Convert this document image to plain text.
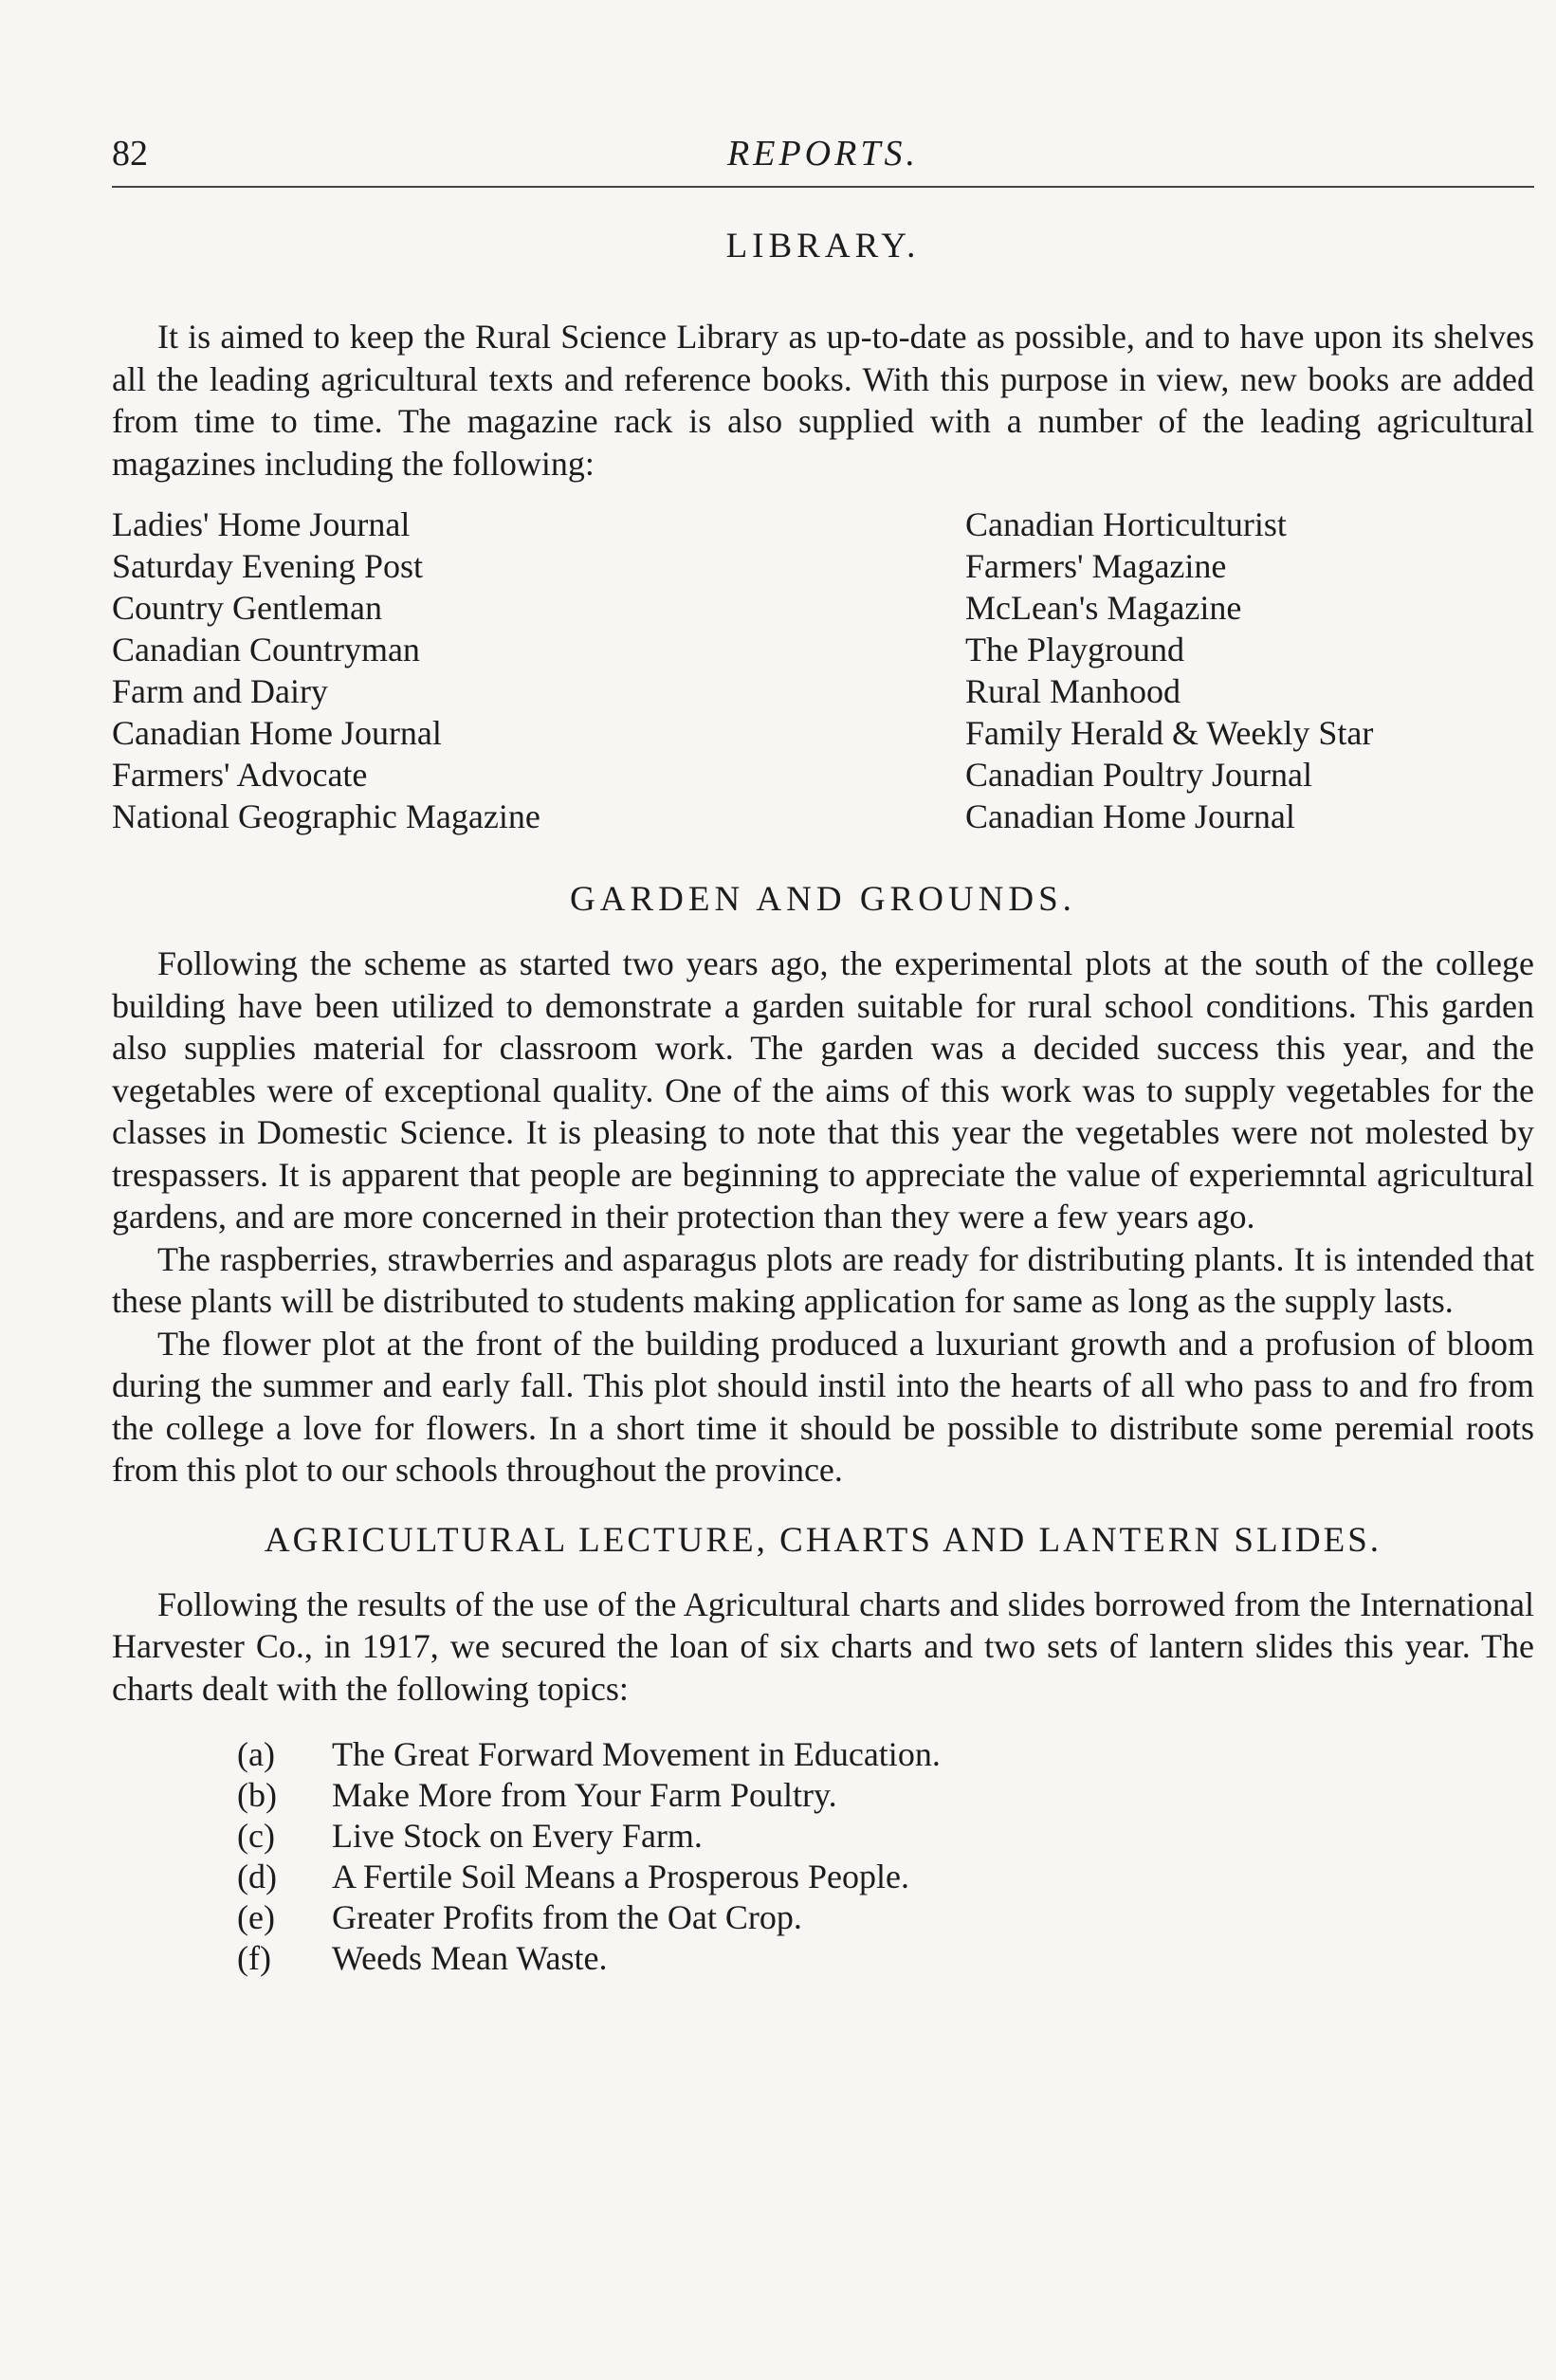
82	REPORTS.
LIBRARY.

It is aimed to keep the Rural Science Library as up-to-date as possible, and to have upon its shelves all the leading agricultural texts and reference books. With this purpose in view, new books are added from time to time. The magazine rack is also supplied with a number of the leading agricultural magazines including the following:

Ladies' Home Journal
Saturday Evening Post
Country Gentleman
Canadian Countryman
Farm and Dairy
Canadian Home Journal
Farmers' Advocate
National Geographic Magazine
Canadian Horticulturist
Farmers' Magazine
McLean's Magazine
The Playground
Rural Manhood
Family Herald & Weekly Star
Canadian Poultry Journal
Canadian Home Journal
GARDEN AND GROUNDS.

Following the scheme as started two years ago, the experimental plots at the south of the college building have been utilized to demonstrate a garden suitable for rural school conditions. This garden also supplies material for classroom work. The garden was a decided success this year, and the vegetables were of exceptional quality. One of the aims of this work was to supply vegetables for the classes in Domestic Science. It is pleasing to note that this year the vegetables were not molested by trespassers. It is apparent that people are beginning to appreciate the value of experiemntal agricultural gardens, and are more concerned in their protection than they were a few years ago.

The raspberries, strawberries and asparagus plots are ready for distributing plants. It is intended that these plants will be distributed to students making application for same as long as the supply lasts.

The flower plot at the front of the building produced a luxuriant growth and a profusion of bloom during the summer and early fall. This plot should instil into the hearts of all who pass to and fro from the college a love for flowers. In a short time it should be possible to distribute some peremial roots from this plot to our schools throughout the province.

AGRICULTURAL LECTURE, CHARTS AND LANTERN SLIDES.

Following the results of the use of the Agricultural charts and slides borrowed from the International Harvester Co., in 1917, we secured the loan of six charts and two sets of lantern slides this year. The charts dealt with the following topics:

(a)	The Great Forward Movement in Education.
(b)	Make More from Your Farm Poultry.
(c)	Live Stock on Every Farm.
(d)	A Fertile Soil Means a Prosperous People.
(e)	Greater Profits from the Oat Crop.
(f)	Weeds Mean Waste.
